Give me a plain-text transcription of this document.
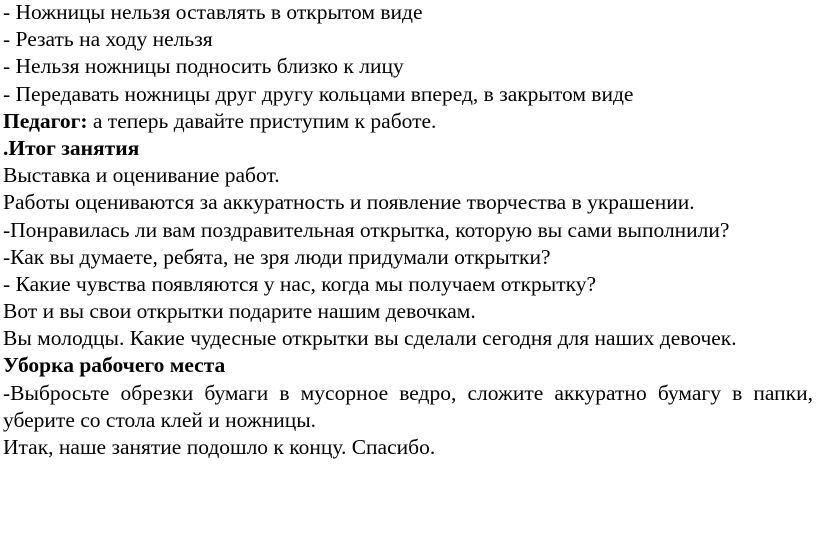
- Ножницы нельзя оставлять в открытом виде
- Резать на ходу нельзя
- Нельзя ножницы подносить близко к лицу
- Передавать ножницы друг другу кольцами вперед, в закрытом виде
Педагог: а теперь давайте приступим к работе.
.Итог занятия
Выставка и оценивание работ.
Работы оцениваются за аккуратность и появление творчества в украшении.
-Понравилась ли вам поздравительная открытка, которую вы сами выполнили?
-Как вы думаете, ребята, не зря люди придумали открытки?
- Какие чувства появляются у нас, когда мы получаем открытку?
Вот и вы свои открытки подарите нашим девочкам.
Вы молодцы. Какие чудесные открытки вы сделали сегодня для наших девочек.
Уборка рабочего места
-Выбросьте обрезки бумаги в мусорное ведро, сложите аккуратно бумагу в папки, уберите со стола клей и ножницы.
Итак, наше занятие подошло к концу. Спасибо.
